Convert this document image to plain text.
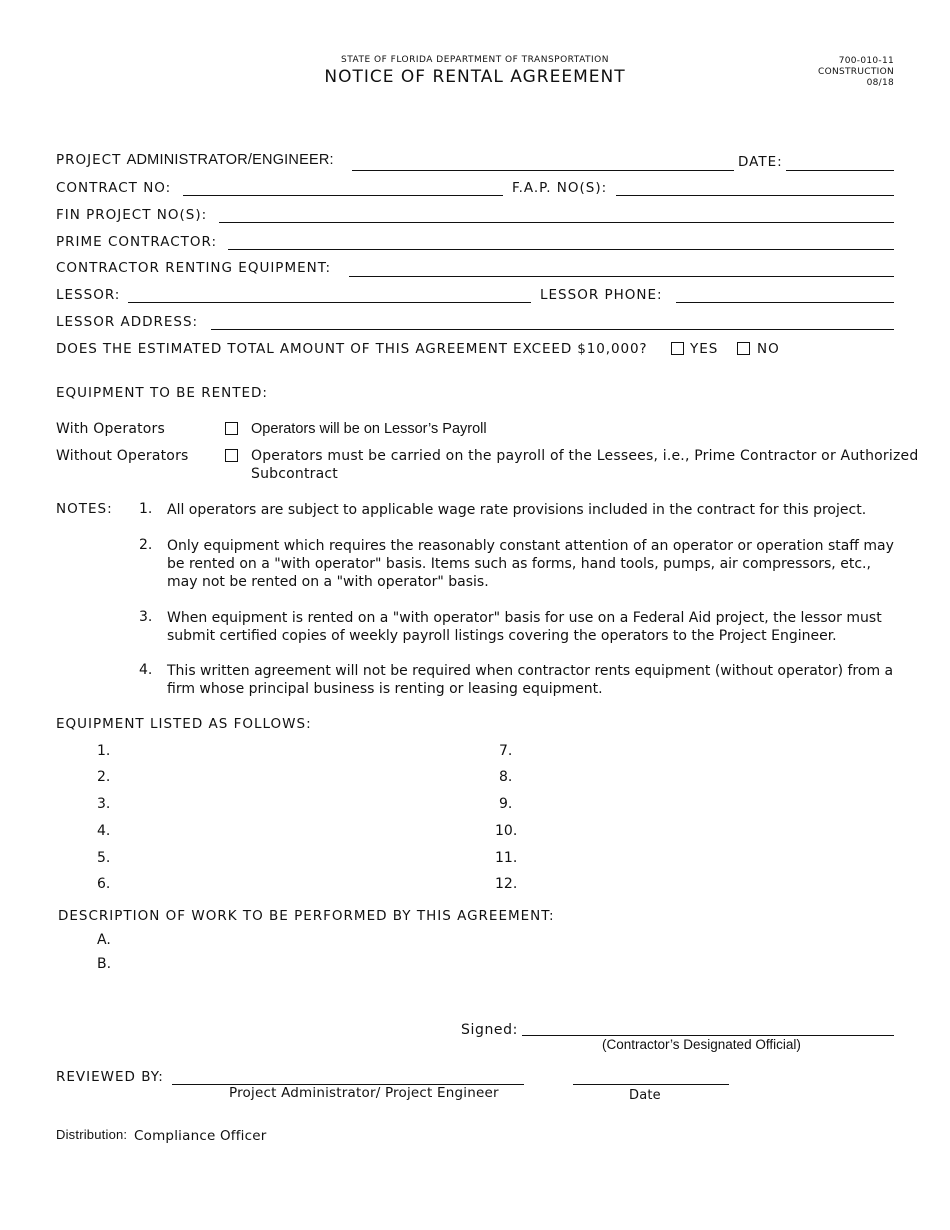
STATE OF FLORIDA DEPARTMENT OF TRANSPORTATION
NOTICE OF RENTAL AGREEMENT
700-010-11
CONSTRUCTION
08/18
PROJECT ADMINISTRATOR/ENGINEER:	DATE:
CONTRACT NO:	F.A.P. NO(S):
FIN PROJECT NO(S):
PRIME CONTRACTOR:
CONTRACTOR RENTING EQUIPMENT:
LESSOR:	LESSOR PHONE:
LESSOR ADDRESS:
DOES THE ESTIMATED TOTAL AMOUNT OF THIS AGREEMENT EXCEED $10,000?	YES	NO
EQUIPMENT TO BE RENTED:
With Operators	Operators will be on Lessor’s Payroll
Without Operators	Operators must be carried on the payroll of the Lessees, i.e., Prime Contractor or Authorized
Subcontract
NOTES: 1. All operators are subject to applicable wage rate provisions included in the contract for this project.
2. Only equipment which requires the reasonably constant attention of an operator or operation staff may be rented on a "with operator" basis. Items such as forms, hand tools, pumps, air compressors, etc., may not be rented on a "with operator" basis.
3. When equipment is rented on a "with operator" basis for use on a Federal Aid project, the lessor must submit certified copies of weekly payroll listings covering the operators to the Project Engineer.
4. This written agreement will not be required when contractor rents equipment (without operator) from a firm whose principal business is renting or leasing equipment.
EQUIPMENT LISTED AS FOLLOWS:
1.
2.
3.
4.
5.
6.
7.
8.
9.
10.
11.
12.
DESCRIPTION OF WORK TO BE PERFORMED BY THIS AGREEMENT:
A.
B.
Signed:
(Contractor’s Designated Official)
REVIEWED BY:
Project Administrator/ Project Engineer	Date
Distribution: Compliance Officer
